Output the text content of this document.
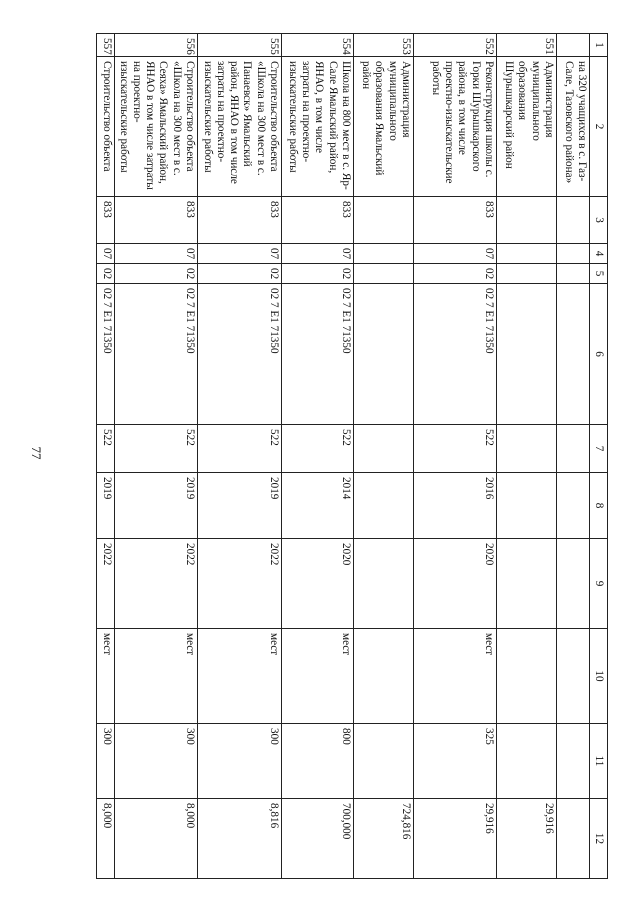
77
1	2	3	4	5	6	7	8	9	10	11	12
	на 320 учащихся в с. Газ-Сале, Тазовского района»										
551	Администрация муниципального образования Шурышкарский район										29,916
552	Реконструкция школы с. Горки Шурышкарского района, в том числе проектно-изыскательские работы	833	07	02	02 7 E1 71350	522	2016	2020	мест	325	29,916
553	Администрация муниципального образования Ямальский район										724,816
554	Школа на 800 мест в с. Яр-Сале Ямальский район, ЯНАО, в том числе затраты на проектно-изыскательские работы	833	07	02	02 7 E1 71350	522	2014	2020	мест	800	700,000
555	Строительство объекта «Школа на 300 мест в с. Панаевск» Ямальский район, ЯНАО в том числе затраты на проектно-изыскательские работы	833	07	02	02 7 E1 71350	522	2019	2022	мест	300	8,816
556	Строительство объекта «Школа на 300 мест в с. Сеяха» Ямальский район, ЯНАО в том числе затраты на проектно-изыскательские работы	833	07	02	02 7 E1 71350	522	2019	2022	мест	300	8,000
557	Строительство объекта	833	07	02	02 7 E1 71350	522	2019	2022	мест	300	8,000
